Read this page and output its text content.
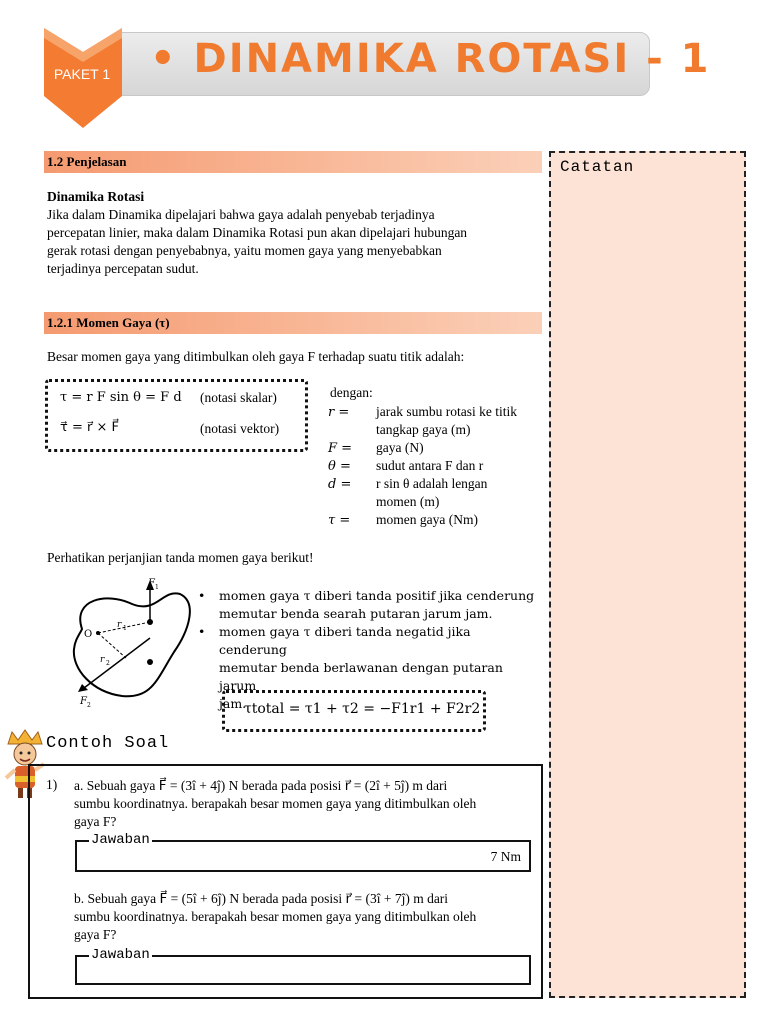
PAKET 1 • DINAMIKA ROTASI - 1
Catatan
1.2 Penjelasan
Dinamika Rotasi
Jika dalam Dinamika dipelajari bahwa gaya adalah penyebab terjadinya
percepatan linier, maka dalam Dinamika Rotasi pun akan dipelajari hubungan
gerak rotasi dengan penyebabnya, yaitu momen gaya yang menyebabkan
terjadinya percepatan sudut.
1.2.1 Momen Gaya (τ)
Besar momen gaya yang ditimbulkan oleh gaya F terhadap suatu titik adalah:
τ = r F sin θ = F d (notasi skalar)
τ⃗ = r⃗ × F⃗	(notasi vektor)
dengan:
r = jarak sumbu rotasi ke titik
tangkap gaya (m)
F = gaya (N)
θ = sudut antara F dan r
d = r sin θ adalah lengan
momen (m)
τ = momen gaya (Nm)
Perhatikan perjanjian tanda momen gaya berikut!
F 1
O
r 1
r 2
F 2
• momen gaya τ diberi tanda positif jika cenderung
memutar benda searah putaran jarum jam.
• momen gaya τ diberi tanda negatid jika cenderung
memutar benda berlawanan dengan putaran jarum
jam.
τtotal = τ1 + τ2 = −F1r1 + F2r2
Contoh Soal
1) a. Sebuah gaya F⃗ = (3î + 4ĵ) N berada pada posisi r⃗ = (2î + 5ĵ) m dari
sumbu koordinatnya. berapakah besar momen gaya yang ditimbulkan oleh
gaya F?
Jawaban
7 Nm
b. Sebuah gaya F⃗ = (5î + 6ĵ) N berada pada posisi r⃗ = (3î + 7ĵ) m dari
sumbu koordinatnya. berapakah besar momen gaya yang ditimbulkan oleh
gaya F?
Jawaban
